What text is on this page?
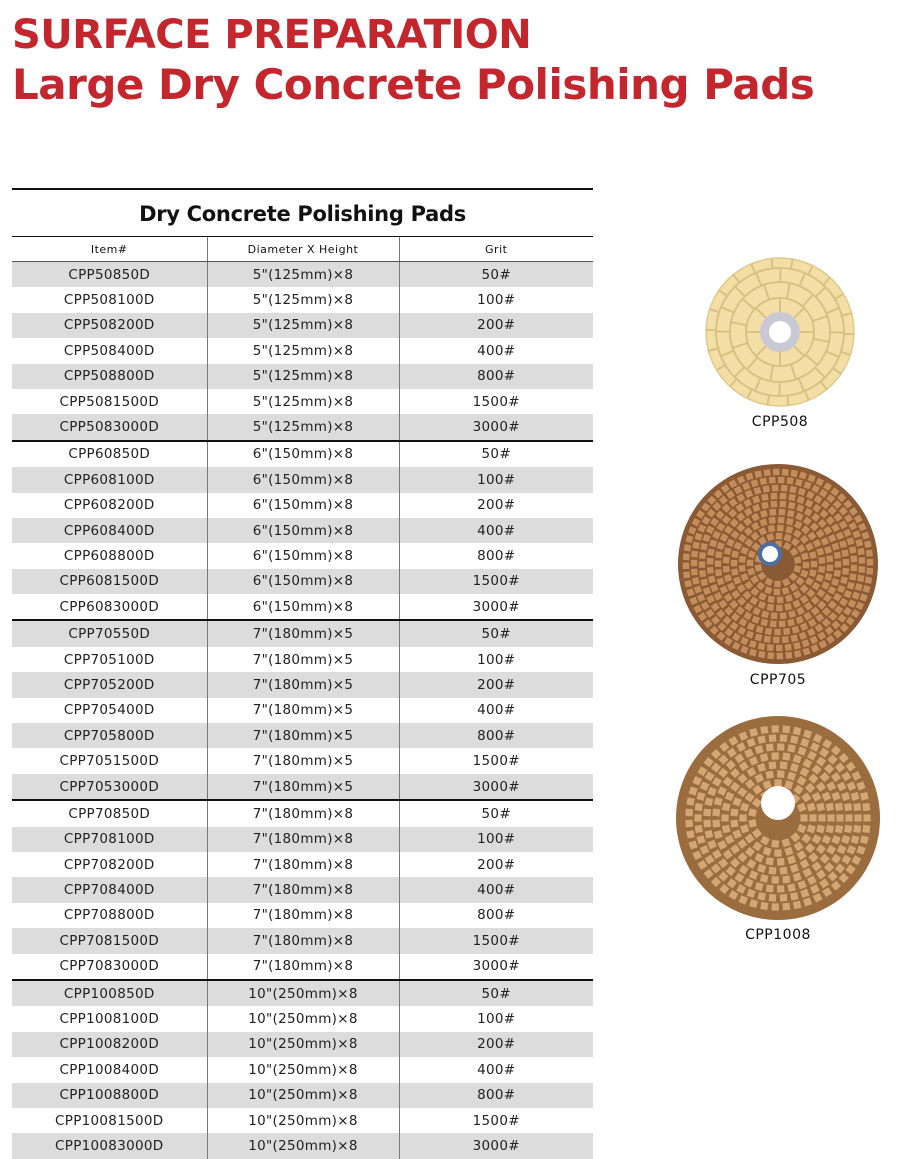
SURFACE PREPARATION
Large Dry Concrete Polishing Pads
Dry Concrete Polishing Pads
Item#	Diameter X Height	Grit
CPP50850D	5"(125mm)×8	50#
CPP508100D	5"(125mm)×8	100#
CPP508200D	5"(125mm)×8	200#
CPP508400D	5"(125mm)×8	400#
CPP508800D	5"(125mm)×8	800#
CPP5081500D	5"(125mm)×8	1500#
CPP5083000D	5"(125mm)×8	3000#
CPP60850D	6"(150mm)×8	50#
CPP608100D	6"(150mm)×8	100#
CPP608200D	6"(150mm)×8	200#
CPP608400D	6"(150mm)×8	400#
CPP608800D	6"(150mm)×8	800#
CPP6081500D	6"(150mm)×8	1500#
CPP6083000D	6"(150mm)×8	3000#
CPP70550D	7"(180mm)×5	50#
CPP705100D	7"(180mm)×5	100#
CPP705200D	7"(180mm)×5	200#
CPP705400D	7"(180mm)×5	400#
CPP705800D	7"(180mm)×5	800#
CPP7051500D	7"(180mm)×5	1500#
CPP7053000D	7"(180mm)×5	3000#
CPP70850D	7"(180mm)×8	50#
CPP708100D	7"(180mm)×8	100#
CPP708200D	7"(180mm)×8	200#
CPP708400D	7"(180mm)×8	400#
CPP708800D	7"(180mm)×8	800#
CPP7081500D	7"(180mm)×8	1500#
CPP7083000D	7"(180mm)×8	3000#
CPP100850D	10"(250mm)×8	50#
CPP1008100D	10"(250mm)×8	100#
CPP1008200D	10"(250mm)×8	200#
CPP1008400D	10"(250mm)×8	400#
CPP1008800D	10"(250mm)×8	800#
CPP10081500D	10"(250mm)×8	1500#
CPP10083000D	10"(250mm)×8	3000#
CPP508
CPP705
CPP1008
